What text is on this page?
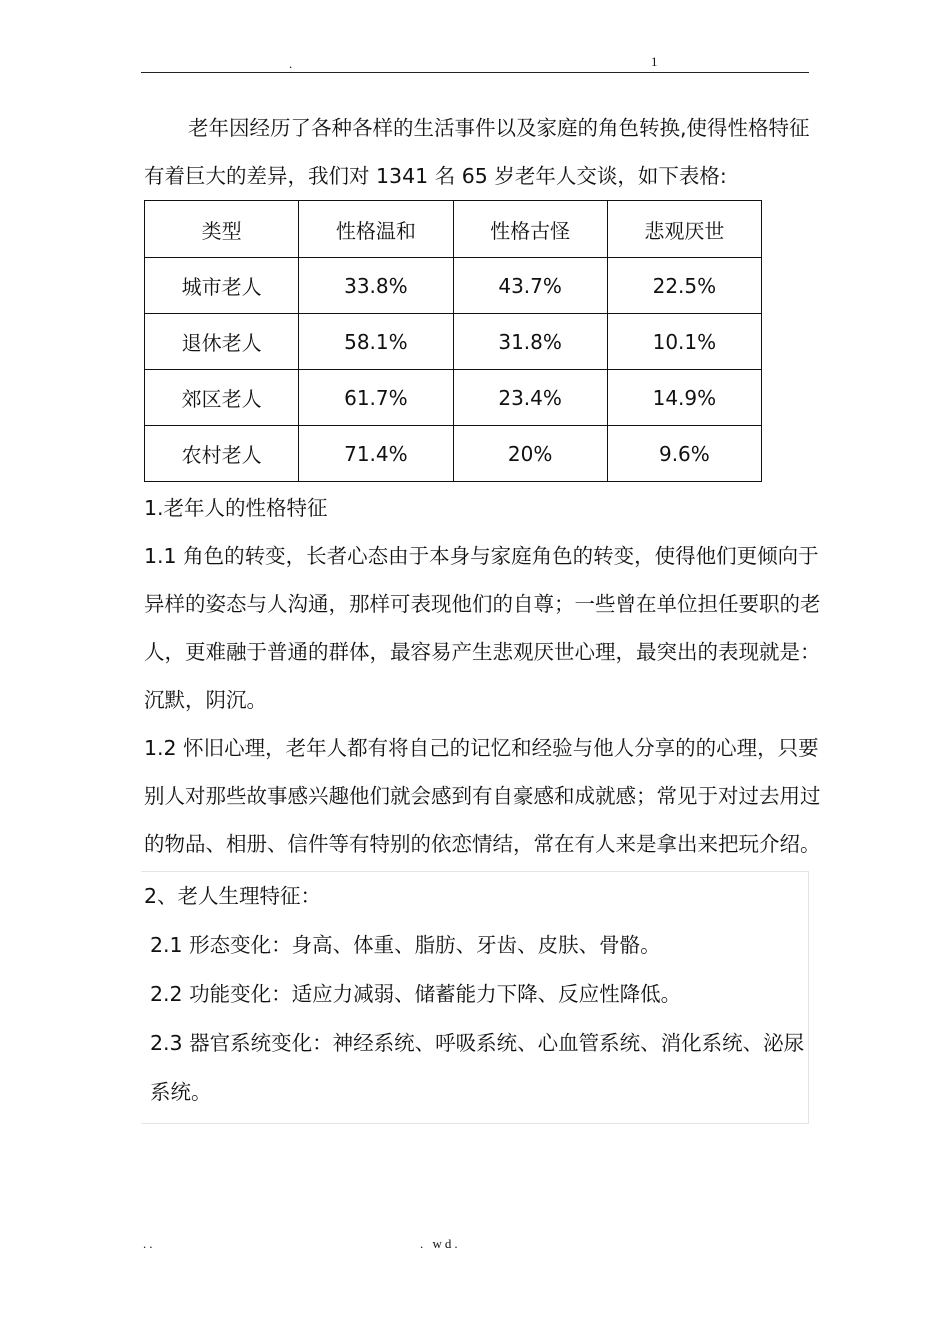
.	1

老年因经历了各种各样的生活事件以及家庭的角色转换,使得性格特征有着巨大的差异，我们对 1341 名 65 岁老年人交谈，如下表格:

类型	性格温和	性格古怪	悲观厌世
城市老人	33.8%	43.7%	22.5%
退休老人	58.1%	31.8%	10.1%
郊区老人	61.7%	23.4%	14.9%
农村老人	71.4%	20%	9.6%

1.老年人的性格特征

1.1 角色的转变，长者心态由于本身与家庭角色的转变，使得他们更倾向于异样的姿态与人沟通，那样可表现他们的自尊；一些曾在单位担任要职的老人，更难融于普通的群体，最容易产生悲观厌世心理，最突出的表现就是：沉默，阴沉。

1.2 怀旧心理，老年人都有将自己的记忆和经验与他人分享的的心理，只要别人对那些故事感兴趣他们就会感到有自豪感和成就感；常见于对过去用过的物品、相册、信件等有特别的依恋情结，常在有人来是拿出来把玩介绍。

2、老人生理特征：

2.1 形态变化：身高、体重、脂肪、牙齿、皮肤、骨骼。

2.2 功能变化：适应力减弱、储蓄能力下降、反应性降低。

2.3 器官系统变化：神经系统、呼吸系统、心血管系统、消化系统、泌尿系统。

..	. wd.
